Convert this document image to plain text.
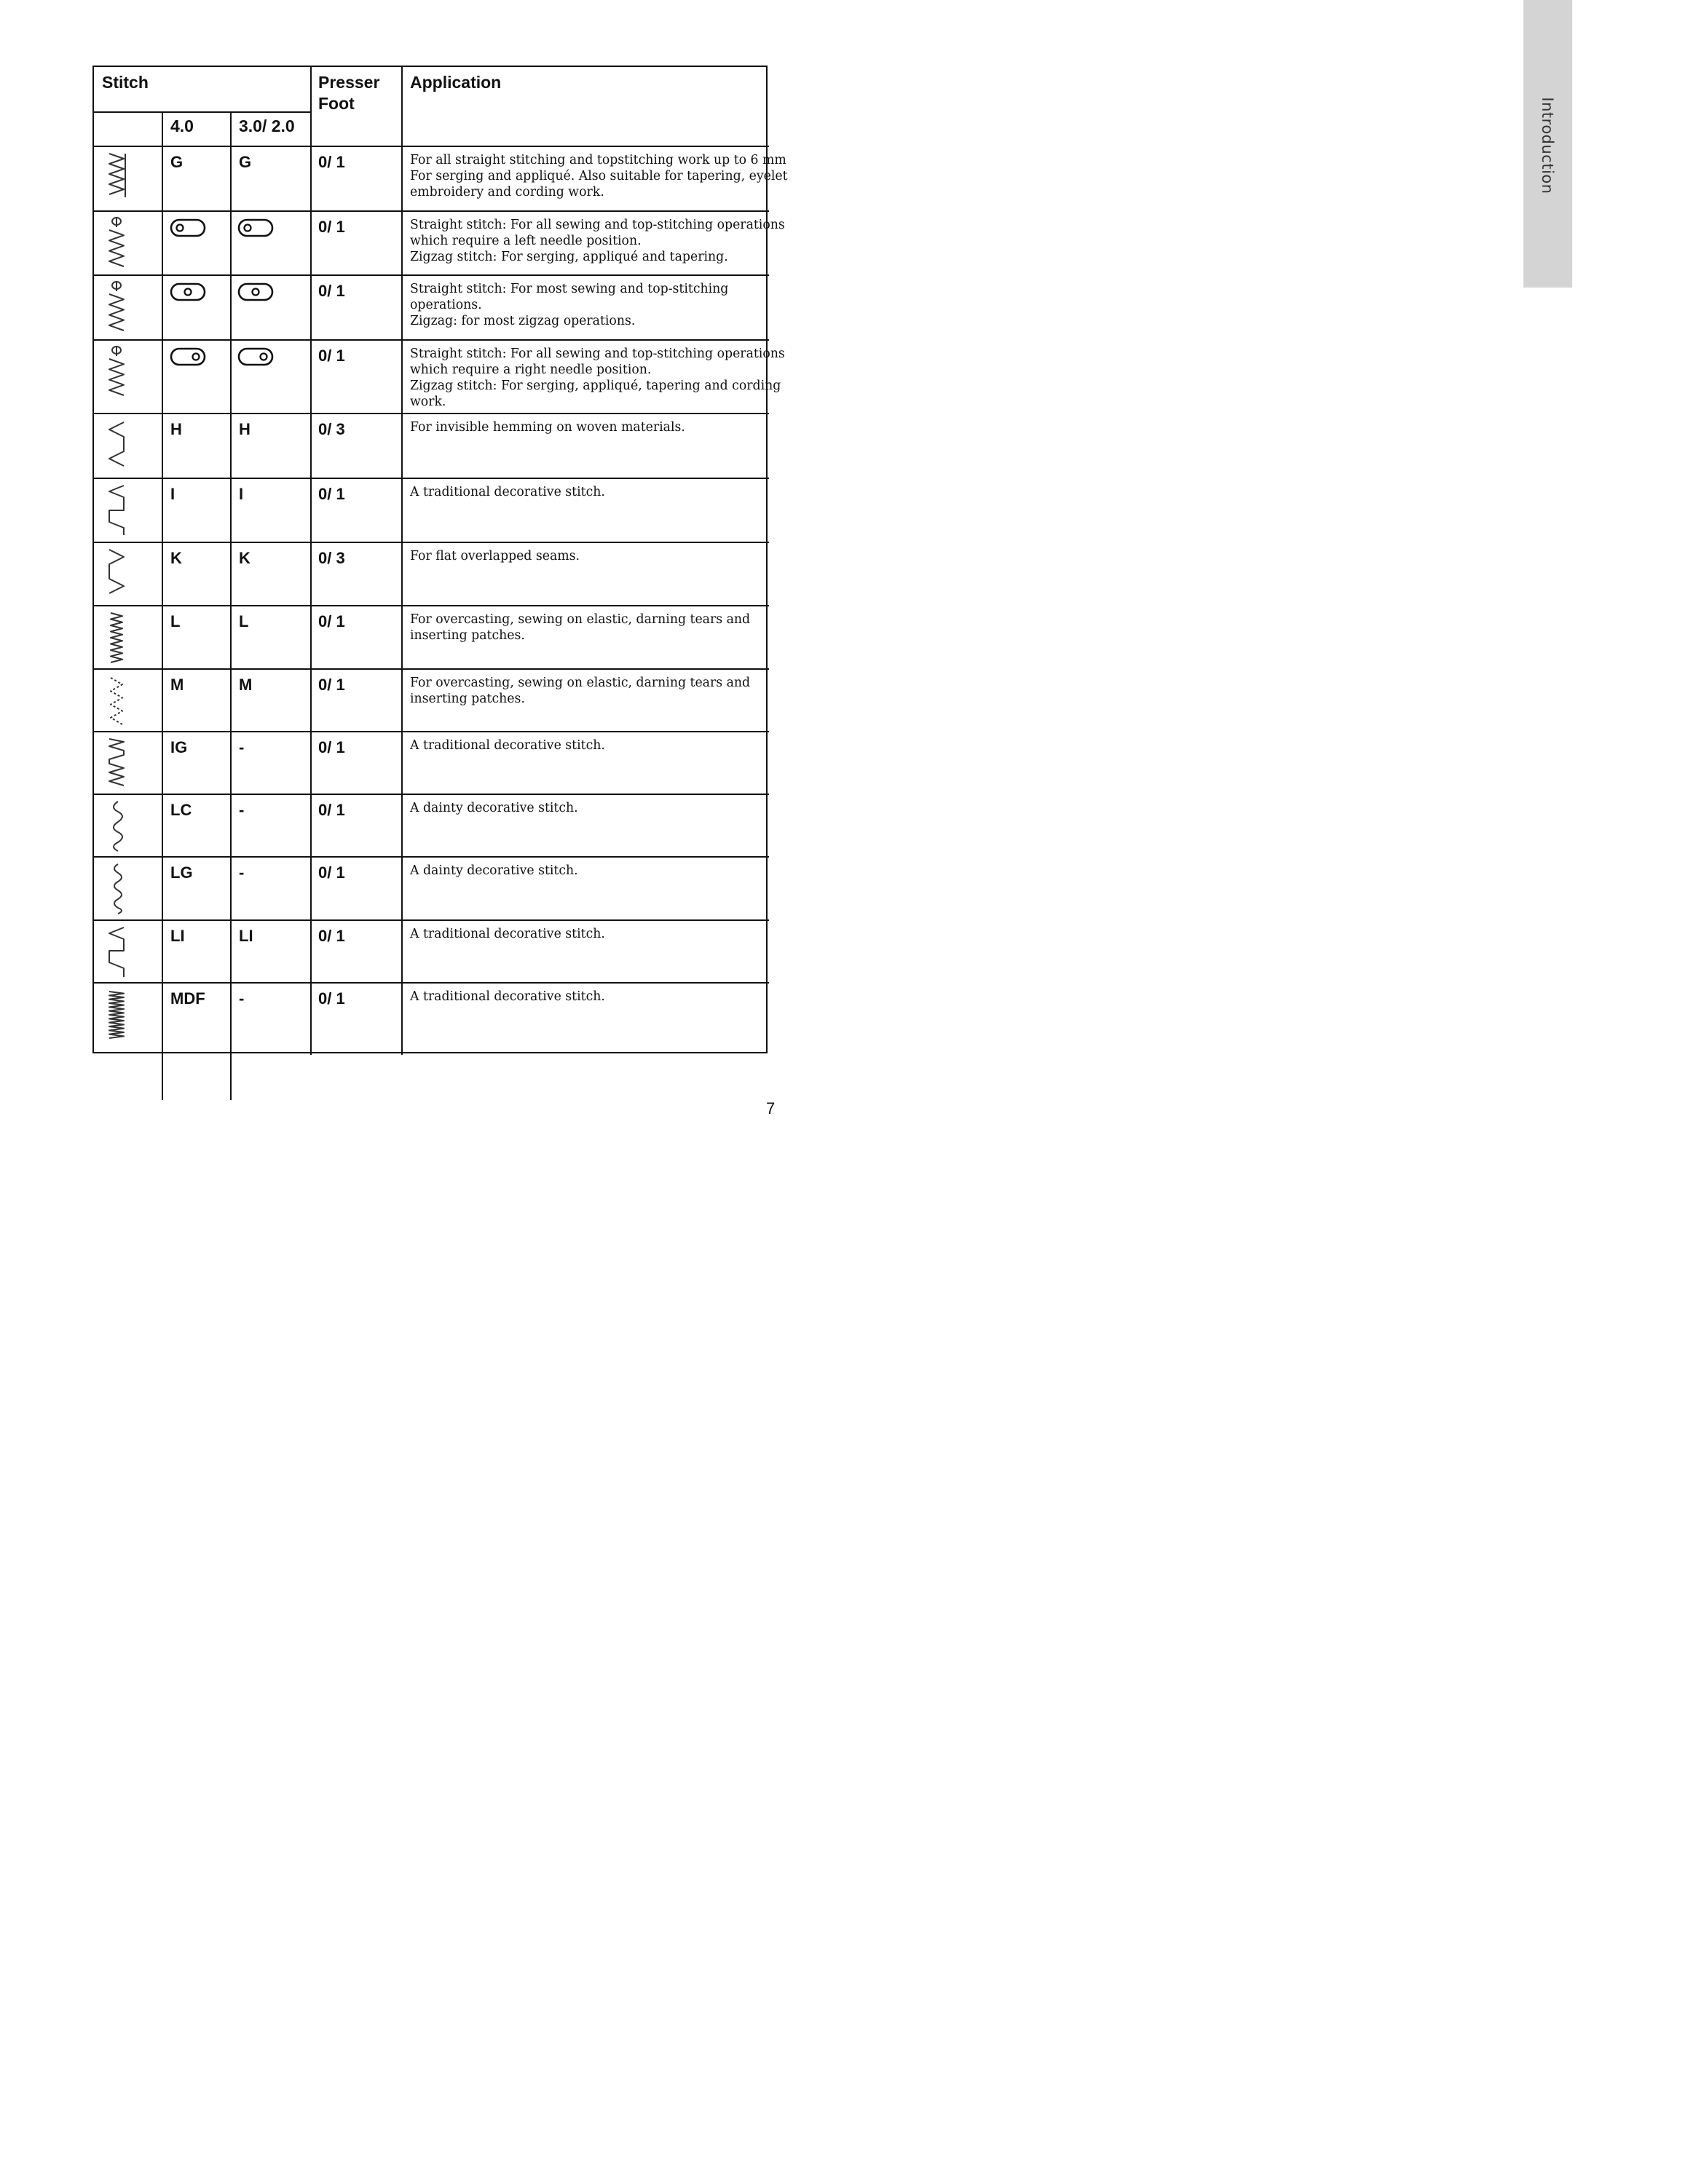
Introduction
Stitch	Presser
Foot
Application
4.0	3.0/ 2.0
G	G	0/ 1	For all straight stitching and topstitching work up to 6 mm
For serging and appliqué. Also suitable for tapering, eyelet
embroidery and cording work.
0/ 1	Straight stitch: For all sewing and top-stitching operations
which require a left needle position.
Zigzag stitch: For serging, appliqué and tapering.
0/ 1	Straight stitch: For most sewing and top-stitching
operations.
Zigzag: for most zigzag operations.
0/ 1	Straight stitch: For all sewing and top-stitching operations
which require a right needle position.
Zigzag stitch: For serging, appliqué, tapering and cording
work.
H	H	0/ 3	For invisible hemming on woven materials.
I	I	0/ 1	A traditional decorative stitch.
K	K	0/ 3	For flat overlapped seams.
L	L	0/ 1	For overcasting, sewing on elastic, darning tears and
inserting patches.
M	M	0/ 1	For overcasting, sewing on elastic, darning tears and
inserting patches.
IG	-	0/ 1	A traditional decorative stitch.
LC	-	0/ 1	A dainty decorative stitch.
LG	-	0/ 1	A dainty decorative stitch.
LI	LI	0/ 1	A traditional decorative stitch.
MDF -	0/ 1	A traditional decorative stitch.
7
